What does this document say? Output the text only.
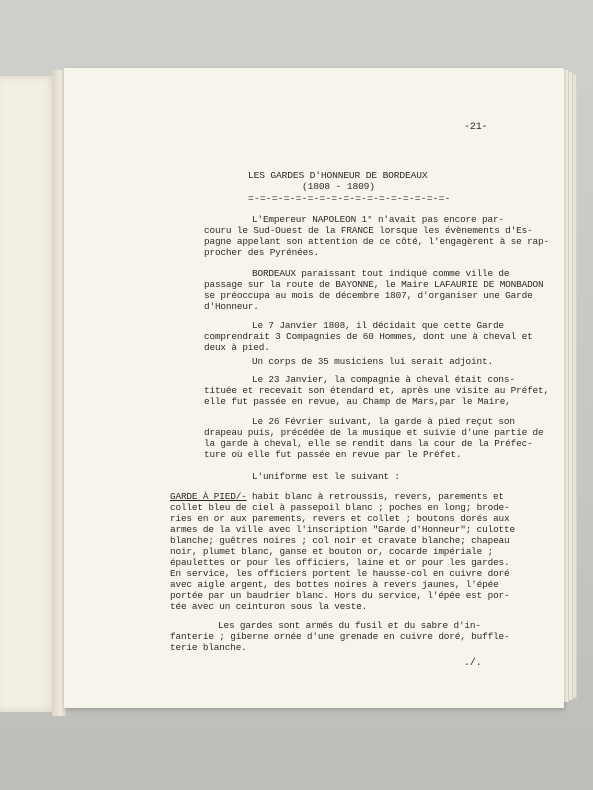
-21-

LES GARDES D'HONNEUR DE BORDEAUX

(1808 - 1809)

=-=-=-=-=-=-=-=-=-=-=-=-=-=-=-=-=-

L'Empereur NAPOLEON 1° n'avait pas encore par-

couru le Sud-Ouest de la FRANCE lorsque les évènements d'Es-

pagne appelant son attention de ce côté, l'engagèrent à se rap-

procher des Pyrénées.

BORDEAUX paraissant tout indiqué comme ville de

passage sur la route de BAYONNE, le Maire LAFAURIE DE MONBADON

se préoccupa au mois de décembre 1807, d'organiser une Garde

d'Honneur.

Le 7 Janvier 1808, il décidait que cette Garde

comprendrait 3 Compagnies de 60 Hommes, dont une à cheval et

deux à pied.

Un corps de 35 musiciens lui serait adjoint.

Le 23 Janvier, la compagnie à cheval était cons-

tituée et recevait son étendard et, après une visite au Préfet,

elle fut passée en revue, au Champ de Mars,par le Maire,

Le 26 Février suivant, la garde à pied reçut son

drapeau puis, précédée de la musique et suivie d'une partie de

la garde à cheval, elle se rendit dans la cour de la Préfec-

ture où elle fut passée en revue par le Préfet.

L'uniforme est le suivant :

GARDE À PIED/- habit blanc à retroussis, revers, parements et

collet bleu de ciel à passepoil blanc ; poches en long; brode-

ries en or aux parements, revers et collet ; boutons dorés aux

armes de la ville avec l'inscription "Garde d'Honneur"; culotte

blanche; guêtres noires ; col noir et cravate blanche; chapeau

noir, plumet blanc, ganse et bouton or, cocarde impériale ;

épaulettes or pour les officiers, laine et or pour les gardes.

En service, les officiers portent le hausse-col en cuivre doré

avec aigle argent, des bottes noires à revers jaunes, l'épée

portée par un baudrier blanc. Hors du service, l'épée est por-

tée avec un ceinturon sous la veste.

Les gardes sont armés du fusil et du sabre d'in-

fanterie ; giberne ornée d'une grenade en cuivre doré, buffle-

terie blanche.

./.
